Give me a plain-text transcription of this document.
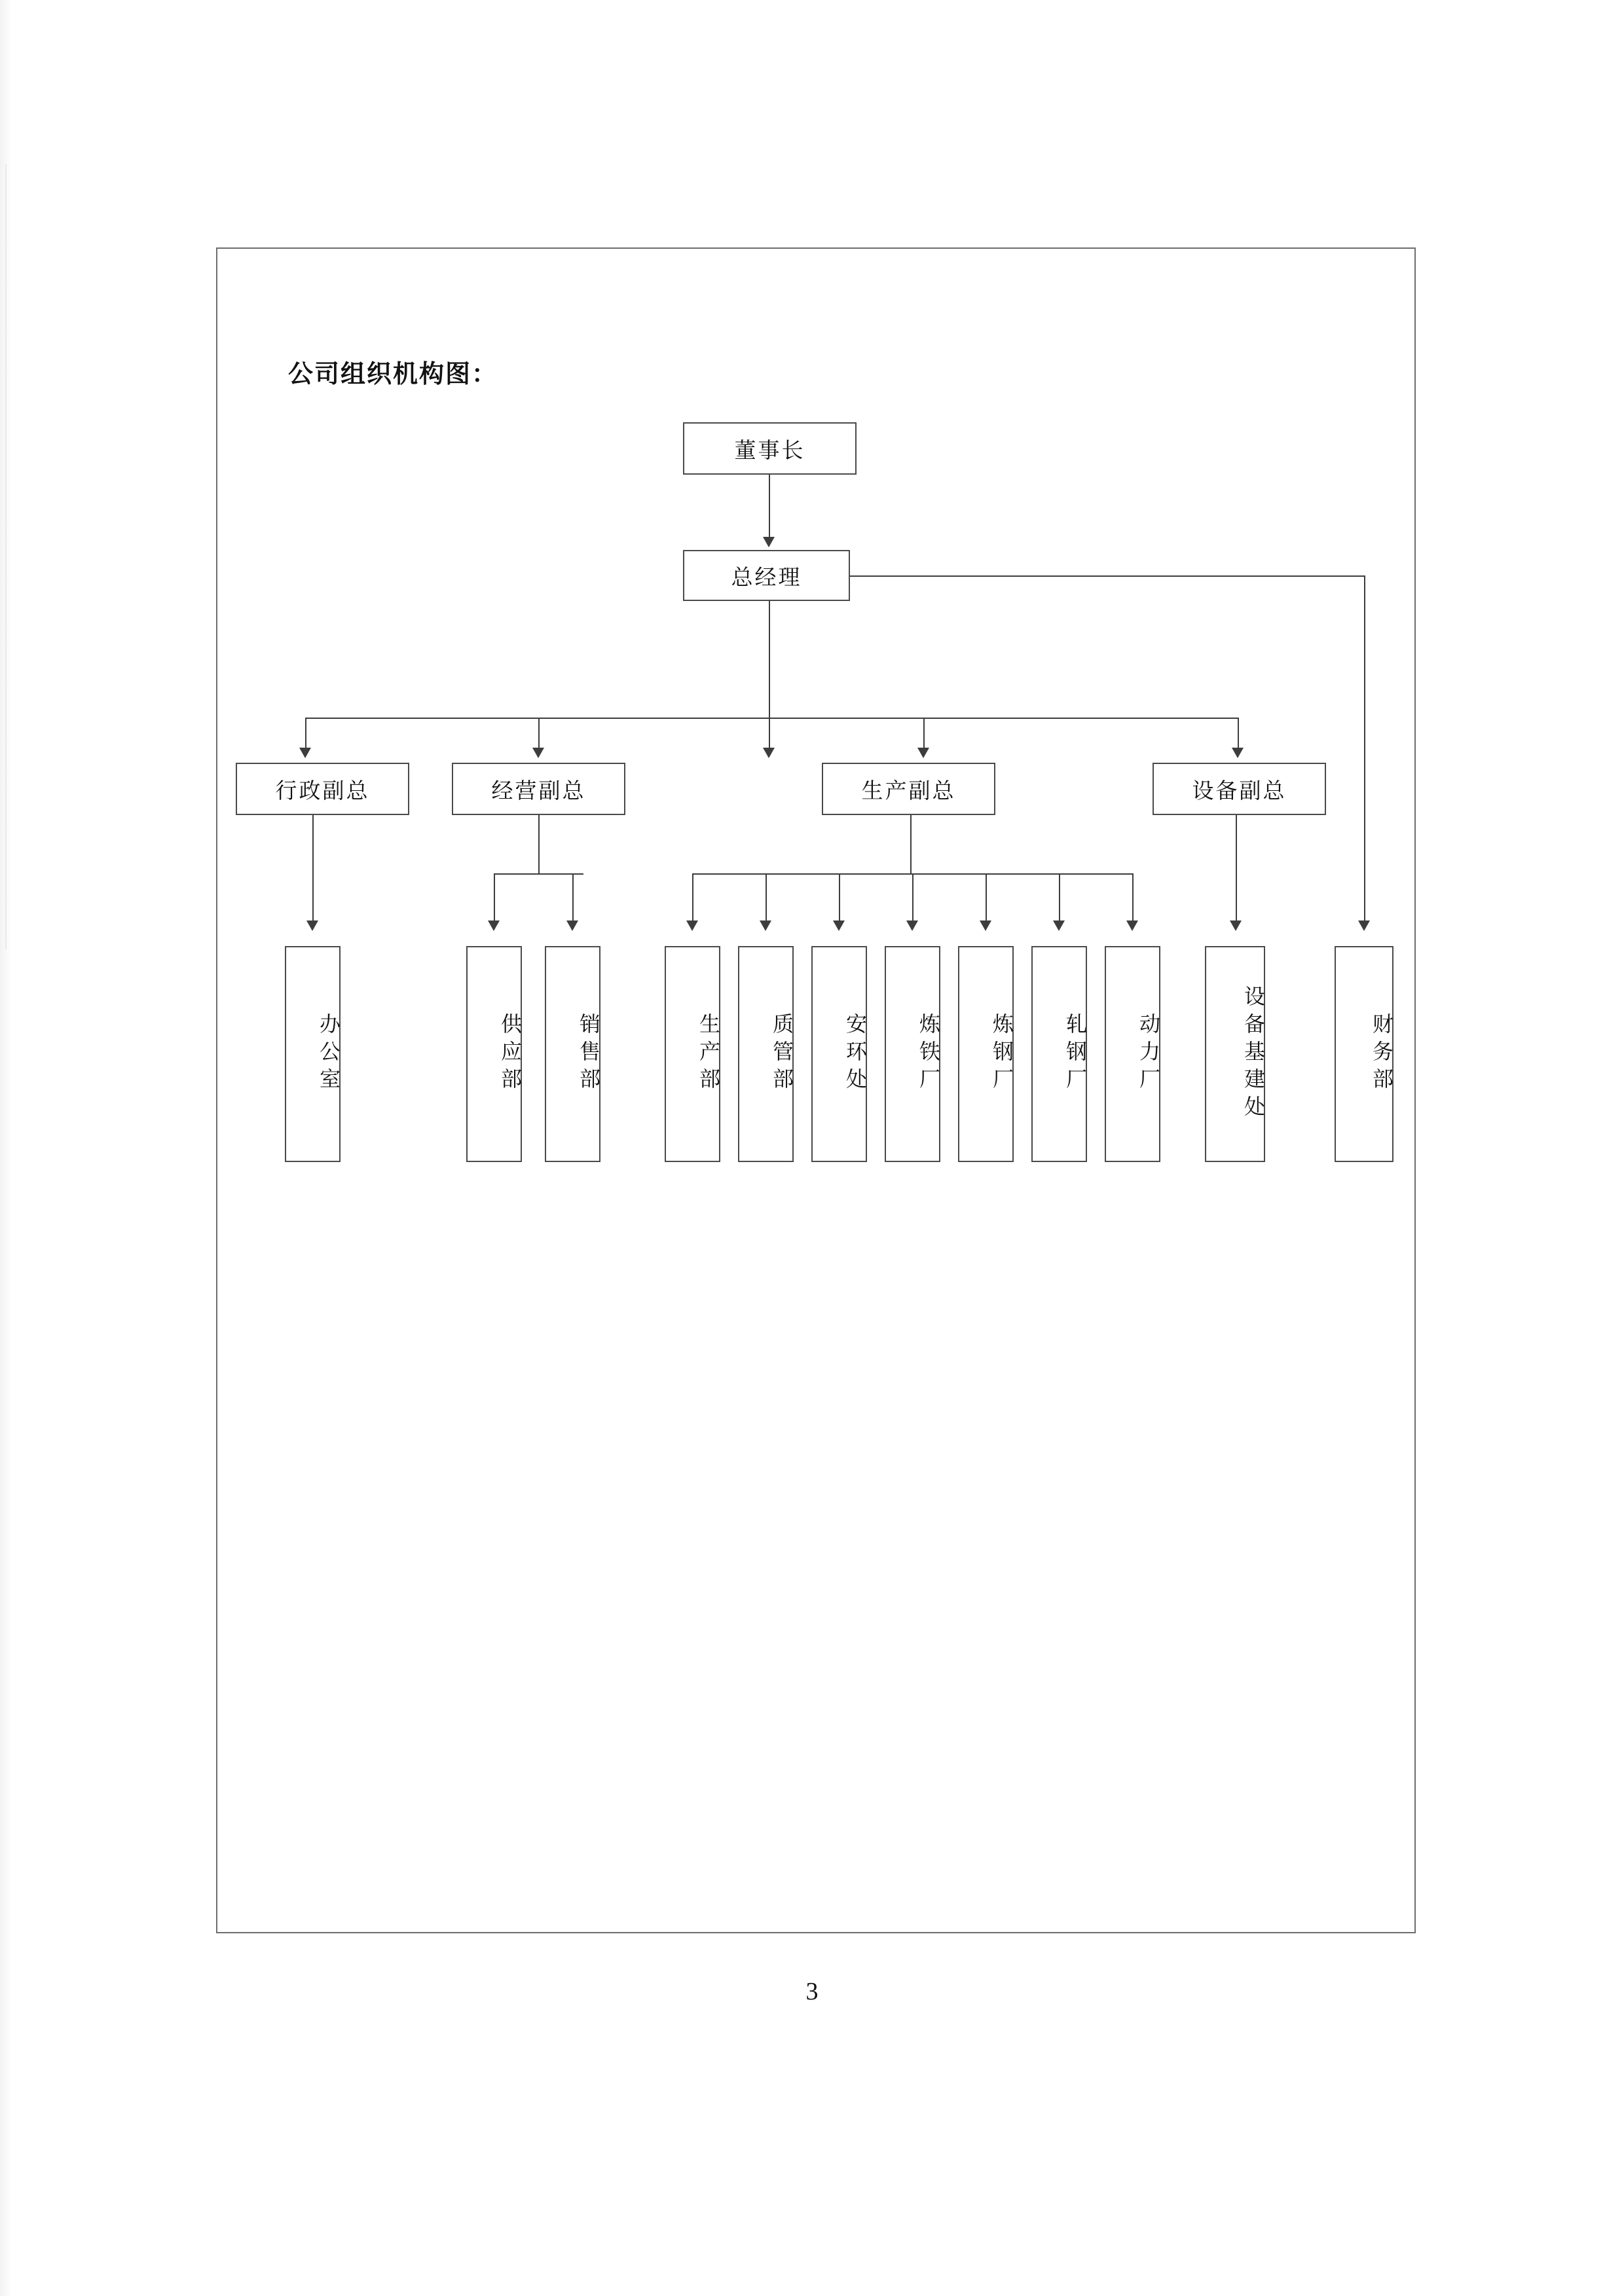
公司组织机构图：
董事长
总经理
行政副总	经营副总	生产副总	设备副总
办公室	供应部	销售部	生产部	质管部	安环处	炼铁厂	炼钢厂	轧钢厂	动力厂	设备基建处	财务部
3
